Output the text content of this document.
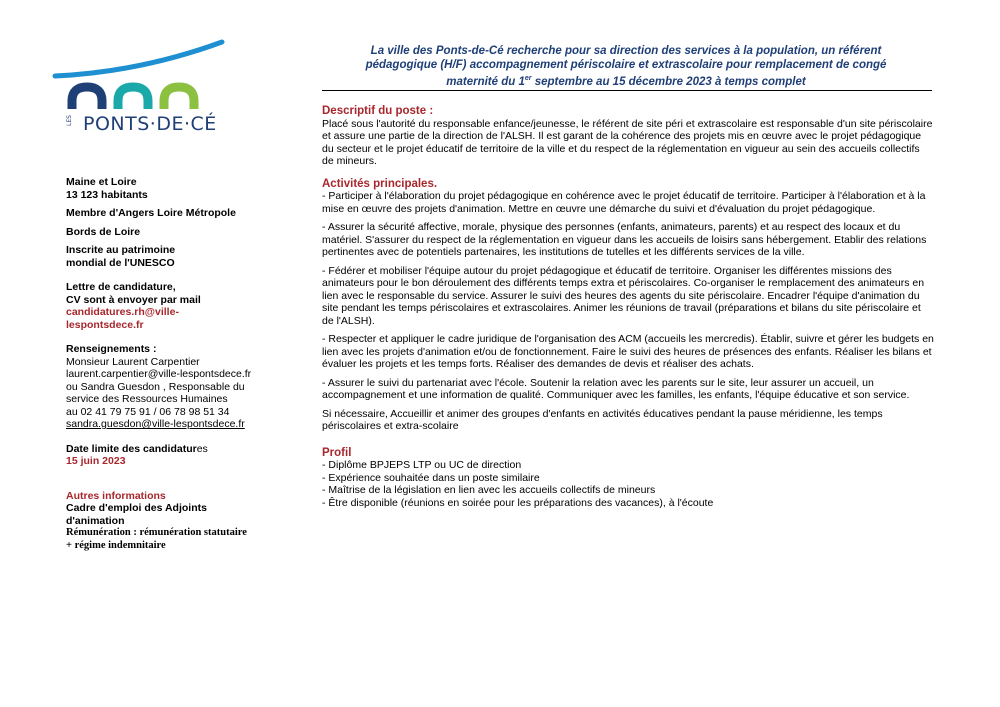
LES PONTS·DE·CÉ
Maine et Loire
13 123 habitants
Membre d'Angers Loire Métropole
Bords de Loire
Inscrite au patrimoine
mondial de l'UNESCO
Lettre de candidature,
CV sont à envoyer par mail
candidatures.rh@ville-
lespontsdece.fr
Renseignements :
Monsieur Laurent Carpentier
laurent.carpentier@ville-lespontsdece.fr
ou Sandra Guesdon , Responsable du
service des Ressources Humaines
au 02 41 79 75 91 / 06 78 98 51 34
sandra.guesdon@ville-lespontsdece.fr
Date limite des candidatures
15 juin 2023
Autres informations
Cadre d'emploi des Adjoints
d'animation
Rémunération : rémunération statutaire
+ régime indemnitaire
La ville des Ponts-de-Cé recherche pour sa direction des services à la population, un référent
pédagogique (H/F) accompagnement périscolaire et extrascolaire pour remplacement de congé
maternité du 1er septembre au 15 décembre 2023 à temps complet
Descriptif du poste :

Placé sous l'autorité du responsable enfance/jeunesse, le référent de site péri et extrascolaire est responsable d'un site périscolaire et assure une partie de la direction de l'ALSH. Il est garant de la cohérence des projets mis en œuvre avec le projet pédagogique du secteur et le projet éducatif de territoire de la ville et du respect de la réglementation en vigueur au sein des accueils collectifs de mineurs.

Activités principales.

- Participer à l'élaboration du projet pédagogique en cohérence avec le projet éducatif de territoire. Participer à l'élaboration et à la mise en œuvre des projets d'animation. Mettre en œuvre une démarche du suivi et d'évaluation du projet pédagogique.

- Assurer la sécurité affective, morale, physique des personnes (enfants, animateurs, parents) et au respect des locaux et du matériel. S'assurer du respect de la réglementation en vigueur dans les accueils de loisirs sans hébergement. Etablir des relations pertinentes avec de potentiels partenaires, les institutions de tutelles et les différents services de la ville.

- Fédérer et mobiliser l'équipe autour du projet pédagogique et éducatif de territoire. Organiser les différentes missions des animateurs pour le bon déroulement des différents temps extra et périscolaires. Co-organiser le remplacement des animateurs en lien avec le responsable du service. Assurer le suivi des heures des agents du site périscolaire. Encadrer l'équipe d'animation du site pendant les temps périscolaires et extrascolaires. Animer les réunions de travail (préparations et bilans du site périscolaire et de l'ALSH).

- Respecter et appliquer le cadre juridique de l'organisation des ACM (accueils les mercredis). Établir, suivre et gérer les budgets en lien avec les projets d'animation et/ou de fonctionnement. Faire le suivi des heures de présences des enfants. Réaliser les bilans et évaluer les projets et les temps forts. Réaliser des demandes de devis et réaliser des achats.

- Assurer le suivi du partenariat avec l'école. Soutenir la relation avec les parents sur le site, leur assurer un accueil, un accompagnement et une information de qualité. Communiquer avec les familles, les enfants, l'équipe éducative et son service.

Si nécessaire, Accueillir et animer des groupes d'enfants en activités éducatives pendant la pause méridienne, les temps périscolaires et extra-scolaire

Profil
- Diplôme BPJEPS LTP ou UC de direction
- Expérience souhaitée dans un poste similaire
- Maîtrise de la législation en lien avec les accueils collectifs de mineurs
- Être disponible (réunions en soirée pour les préparations des vacances), à l'écoute
